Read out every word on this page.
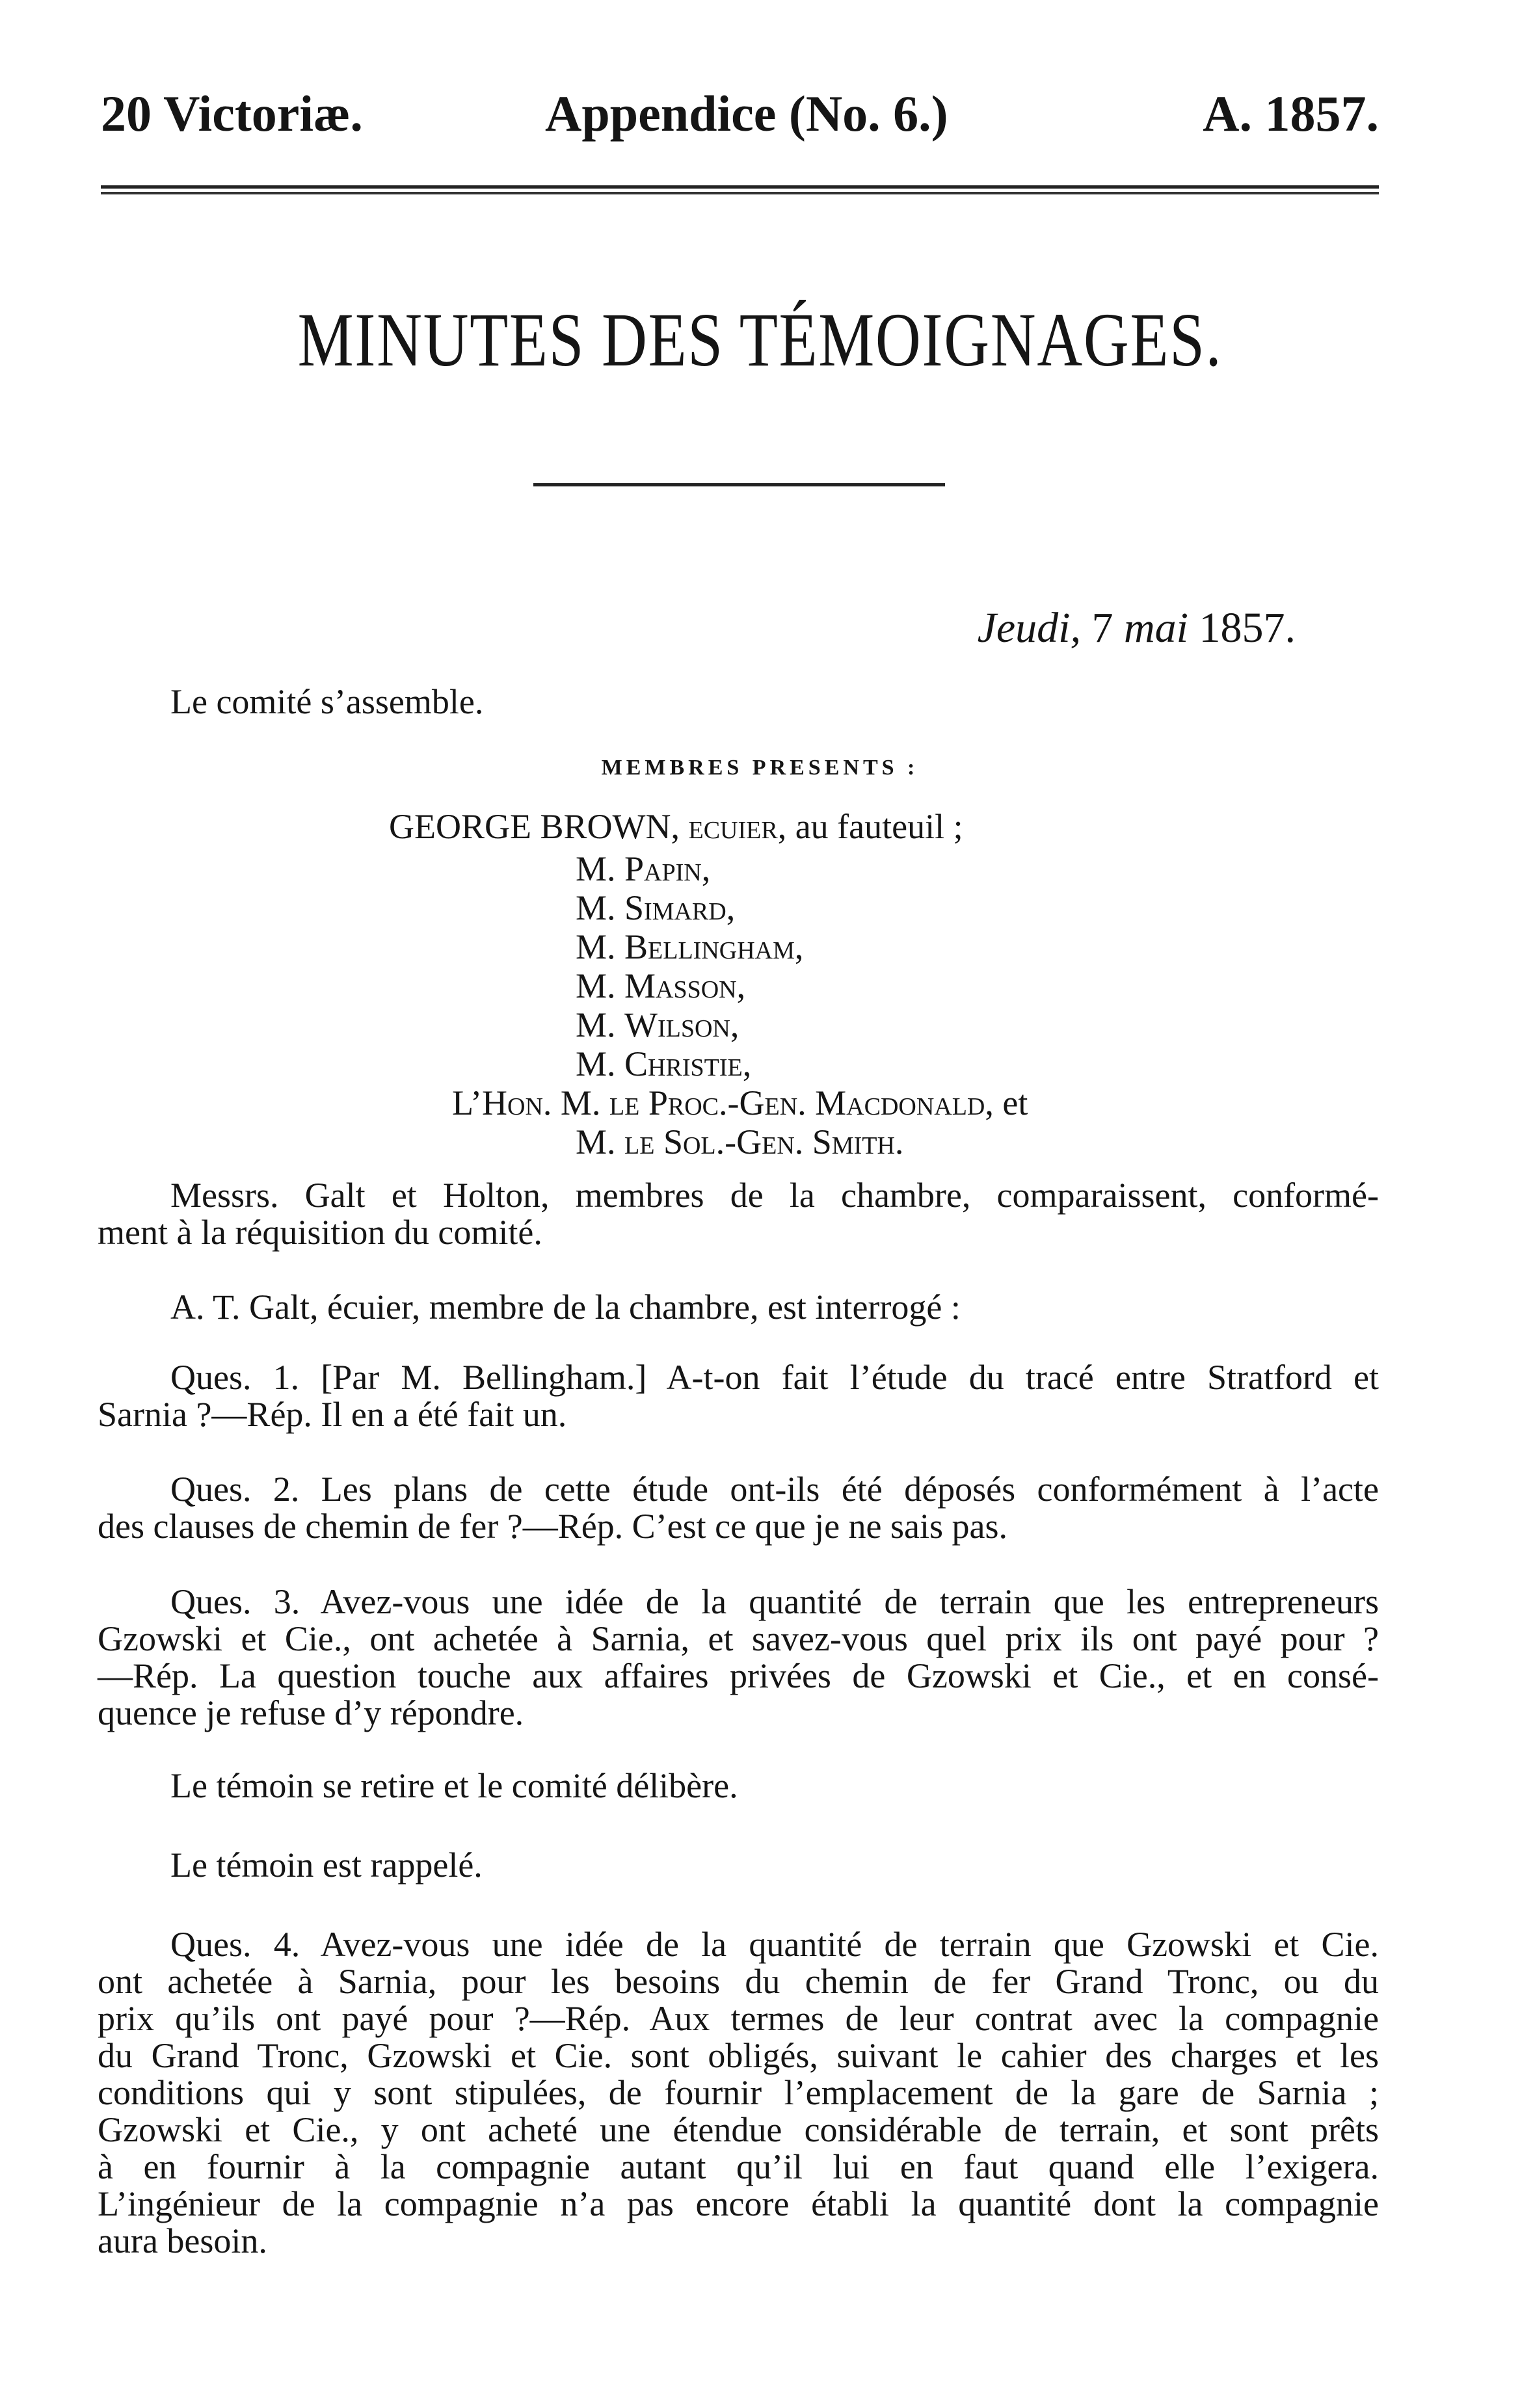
20 Victoriæ.	Appendice (No. 6.)	A. 1857.
MINUTES DES TÉMOIGNAGES.
Jeudi, 7 mai 1857.
Le comité s’assemble.
MEMBRES PRESENTS :
GEORGE BROWN, ecuier, au fauteuil ;
M. Papin,
M. Simard,
M. Bellingham,
M. Masson,
M. Wilson,
M. Christie,
L’Hon. M. le Proc.-Gen. Macdonald, et
M. le Sol.-Gen. Smith.
Messrs. Galt et Holton, membres de la chambre, comparaissent, conformé-
ment à la réquisition du comité.
A. T. Galt, écuier, membre de la chambre, est interrogé :
Ques. 1. [Par M. Bellingham.] A-t-on fait l’étude du tracé entre Stratford et
Sarnia ?—Rép. Il en a été fait un.
Ques. 2. Les plans de cette étude ont-ils été déposés conformément à l’acte
des clauses de chemin de fer ?—Rép. C’est ce que je ne sais pas.
Ques. 3. Avez-vous une idée de la quantité de terrain que les entrepreneurs
Gzowski et Cie., ont achetée à Sarnia, et savez-vous quel prix ils ont payé pour ?
—Rép. La question touche aux affaires privées de Gzowski et Cie., et en consé-
quence je refuse d’y répondre.
Le témoin se retire et le comité délibère.
Le témoin est rappelé.
Ques. 4. Avez-vous une idée de la quantité de terrain que Gzowski et Cie.
ont achetée à Sarnia, pour les besoins du chemin de fer Grand Tronc, ou du
prix qu’ils ont payé pour ?—Rép. Aux termes de leur contrat avec la compagnie
du Grand Tronc, Gzowski et Cie. sont obligés, suivant le cahier des charges et les
conditions qui y sont stipulées, de fournir l’emplacement de la gare de Sarnia ;
Gzowski et Cie., y ont acheté une étendue considérable de terrain, et sont prêts
à en fournir à la compagnie autant qu’il lui en faut quand elle l’exigera.
L’ingénieur de la compagnie n’a pas encore établi la quantité dont la compagnie
aura besoin.
